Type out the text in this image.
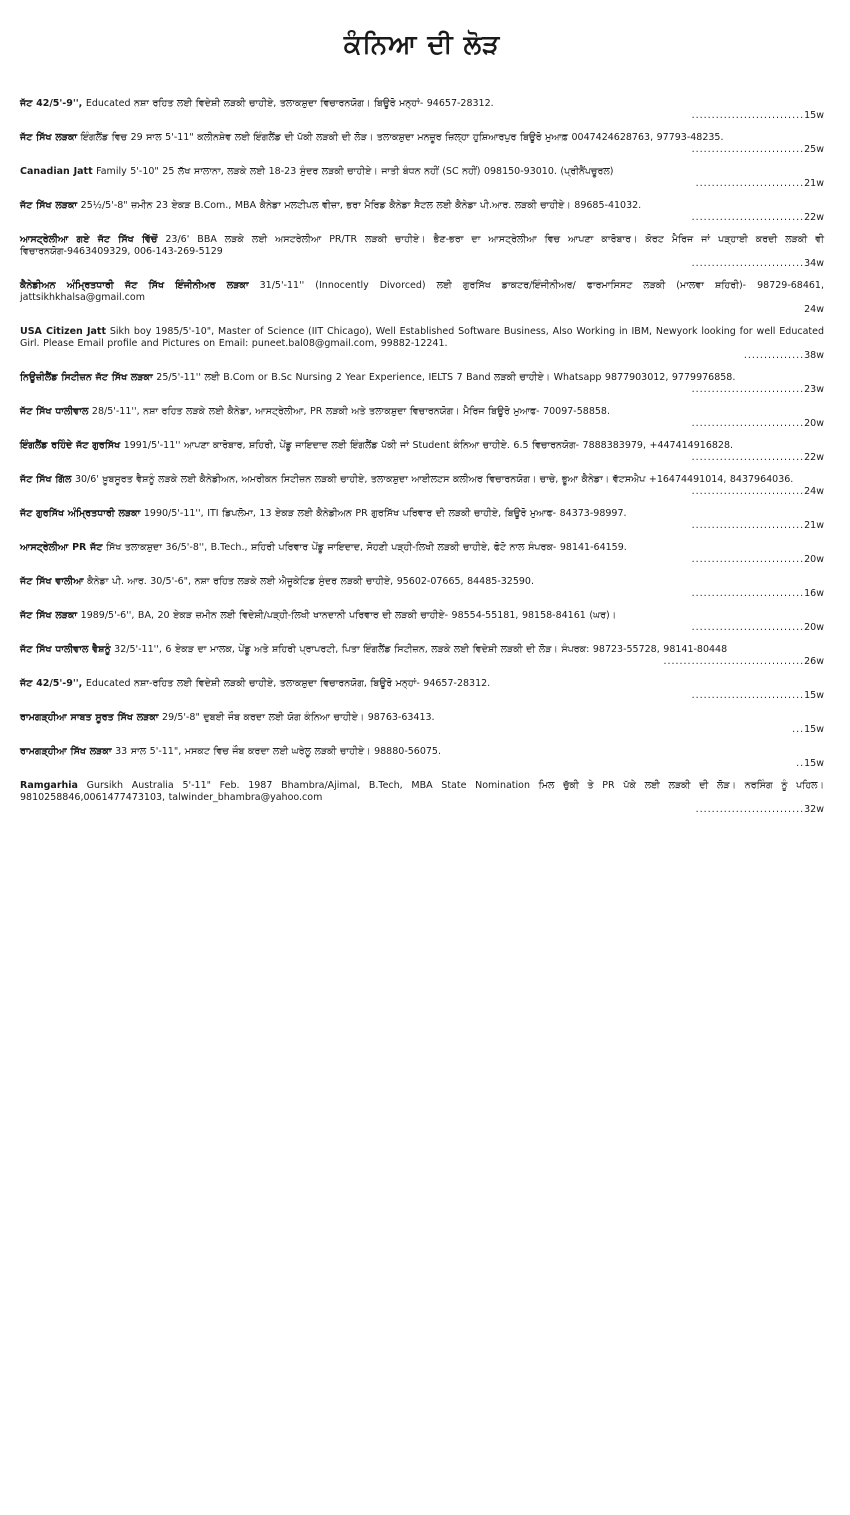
ਕੰਨਿਆ ਦੀ ਲੋੜ

ਜੱਟ 42/5'-9'', Educated ਨਸ਼ਾ ਰਹਿਤ ਲਈ ਵਿਦੇਸ਼ੀ ਲੜਕੀ ਚਾਹੀਏ, ਤਲਾਕਸ਼ੁਦਾ ਵਿਚਾਰਨਯੋਗ। ਬਿਊਰੋ ਮਨ੍ਹਾਂ- 94657-28312.
............................15w

ਜੱਟ ਸਿੱਖ ਲੜਕਾ ਇੰਗਲੈਂਡ ਵਿਚ 29 ਸਾਲ 5'-11" ਕਲੀਨਸ਼ੇਵ ਲਈ ਇੰਗਲੈਂਡ ਦੀ ਪੱਕੀ ਲੜਕੀ ਦੀ ਲੋੜ। ਤਲਾਕਸ਼ੁਦਾ ਮਨਜ਼ੂਰ ਜ਼ਿਲ੍ਹਾ ਹੁਸ਼ਿਆਰਪੁਰ ਬਿਊਰੋ ਮੁਆਫ਼ 0047424628763, 97793-48235.
............................25w

Canadian Jatt Family 5'-10" 25 ਲੱਖ ਸਾਲਾਨਾ, ਲੜਕੇ ਲਈ 18-23 ਸੁੰਦਰ ਲੜਕੀ ਚਾਹੀਏ। ਜਾਤੀ ਬੰਧਨ ਨਹੀਂ (SC ਨਹੀਂ) 098150-93010. (ਪ੍ਰੀਨੈਂਪਚੂਰਲ)
...........................21w

ਜੱਟ ਸਿੱਖ ਲੜਕਾ 25½/5'-8" ਜ਼ਮੀਨ 23 ਏਕੜ B.Com., MBA ਕੈਨੇਡਾ ਮਲਟੀਪਲ ਵੀਜ਼ਾ, ਭਰਾ ਮੈਰਿਡ ਕੈਨੇਡਾ ਸੈਟਲ ਲਈ ਕੈਨੇਡਾ ਪੀ.ਆਰ. ਲੜਕੀ ਚਾਹੀਏ। 89685-41032.
............................22w

ਆਸਟ੍ਰੇਲੀਆ ਗਏ ਜੱਟ ਸਿੱਖ ਵਿੱਚੋਂ 23/6' BBA ਲੜਕੇ ਲਈ ਅਸਟਰੇਲੀਆ PR/TR ਲੜਕੀ ਚਾਹੀਏ। ਭੈਣ-ਭਰਾ ਦਾ ਆਸਟ੍ਰੇਲੀਆ ਵਿਚ ਆਪਣਾ ਕਾਰੋਬਾਰ। ਕੋਰਟ ਮੈਰਿਜ ਜਾਂ ਪੜ੍ਹਾਈ ਕਰਦੀ ਲੜਕੀ ਵੀ ਵਿਚਾਰਨਯੋਗ-9463409329, 006-143-269-5129
............................34w

ਕੈਨੇਡੀਅਨ ਅੰਮ੍ਰਿਤਧਾਰੀ ਜੱਟ ਸਿੱਖ ਇੰਜੀਨੀਅਰ ਲੜਕਾ 31/5'-11'' (Innocently Divorced) ਲਈ ਗੁਰਸਿੱਖ ਡਾਕਟਰ/ਇੰਜੀਨੀਅਰ/ ਫਾਰਮਾਸਿਸਟ ਲੜਕੀ (ਮਾਲਵਾ ਸ਼ਹਿਰੀ)- 98729-68461, jattsikhkhalsa@gmail.com
24w

USA Citizen Jatt Sikh boy 1985/5'-10", Master of Science (IIT Chicago), Well Established Software Business, Also Working in IBM, Newyork looking for well Educated Girl. Please Email profile and Pictures on Email: puneet.bal08@gmail.com, 99882-12241.
...............38w

ਨਿਊਜ਼ੀਲੈਂਡ ਸਿਟੀਜ਼ਨ ਜੱਟ ਸਿੱਖ ਲੜਕਾ 25/5'-11'' ਲਈ B.Com or B.Sc Nursing 2 Year Experience, IELTS 7 Band ਲੜਕੀ ਚਾਹੀਏ। Whatsapp 9877903012, 9779976858.
............................23w

ਜੱਟ ਸਿੱਖ ਧਾਲੀਵਾਲ 28/5'-11'', ਨਸ਼ਾ ਰਹਿਤ ਲੜਕੇ ਲਈ ਕੈਨੇਡਾ, ਆਸਟ੍ਰੇਲੀਆ, PR ਲੜਕੀ ਅਤੇ ਤਲਾਕਸ਼ੁਦਾ ਵਿਚਾਰਨਯੋਗ। ਮੈਰਿਜ ਬਿਊਰੋ ਮੁਆਫ- 70097-58858.
............................20w

ਇੰਗਲੈਂਡ ਰਹਿੰਦੇ ਜੱਟ ਗੁਰਸਿੱਖ 1991/5'-11'' ਆਪਣਾ ਕਾਰੋਬਾਰ, ਸ਼ਹਿਰੀ, ਪੇਂਡੂ ਜਾਇਦਾਦ ਲਈ ਇੰਗਲੈਂਡ ਪੱਕੀ ਜਾਂ Student ਕੰਨਿਆ ਚਾਹੀਏ. 6.5 ਵਿਚਾਰਨਯੋਗ- 7888383979, +447414916828.
............................22w

ਜੱਟ ਸਿੱਖ ਗਿੱਲ 30/6' ਖ਼ੂਬਸੂਰਤ ਵੈਸ਼ਨੂੰ ਲੜਕੇ ਲਈ ਕੈਨੇਡੀਅਨ, ਅਮਰੀਕਨ ਸਿਟੀਜ਼ਨ ਲੜਕੀ ਚਾਹੀਏ, ਤਲਾਕਸ਼ੁਦਾ ਆਈਲਟਸ ਕਲੀਅਰ ਵਿਚਾਰਨਯੋਗ। ਚਾਚੇ, ਭੂਆ ਕੈਨੇਡਾ। ਵੱਟਸਐਪ +16474491014, 8437964036.
............................24w

ਜੱਟ ਗੁਰਸਿੱਖ ਅੰਮ੍ਰਿਤਧਾਰੀ ਲੜਕਾ 1990/5'-11'', ITI ਡਿਪਲੋਮਾ, 13 ਏਕੜ ਲਈ ਕੈਨੇਡੀਅਨ PR ਗੁਰਸਿੱਖ ਪਰਿਵਾਰ ਦੀ ਲੜਕੀ ਚਾਹੀਏ, ਬਿਊਰੋ ਮੁਆਫ- 84373-98997.
............................21w

ਆਸਟ੍ਰੇਲੀਆ PR ਜੱਟ ਸਿੱਖ ਤਲਾਕਸ਼ੁਦਾ 36/5'-8'', B.Tech., ਸ਼ਹਿਰੀ ਪਰਿਵਾਰ ਪੇਂਡੂ ਜਾਇਦਾਦ, ਸੋਹਣੀ ਪੜ੍ਹੀ-ਲਿਖੀ ਲੜਕੀ ਚਾਹੀਏ, ਫੋਟੋ ਨਾਲ ਸੰਪਰਕ- 98141-64159.
............................20w

ਜੱਟ ਸਿੱਖ ਵਾਲੀਆ ਕੈਨੇਡਾ ਪੀ. ਆਰ. 30/5'-6", ਨਸ਼ਾ ਰਹਿਤ ਲੜਕੇ ਲਈ ਐਜੂਕੇਟਿਡ ਸੁੰਦਰ ਲੜਕੀ ਚਾਹੀਏ, 95602-07665, 84485-32590.
............................16w

ਜੱਟ ਸਿੱਖ ਲੜਕਾ 1989/5'-6'', BA, 20 ਏਕੜ ਜ਼ਮੀਨ ਲਈ ਵਿਦੇਸ਼ੀ/ਪੜ੍ਹੀ-ਲਿਖੀ ਖਾਨਦਾਨੀ ਪਰਿਵਾਰ ਦੀ ਲੜਕੀ ਚਾਹੀਏ- 98554-55181, 98158-84161 (ਘਰ)।
............................20w

ਜੱਟ ਸਿੱਖ ਧਾਲੀਵਾਲ ਵੈਸ਼ਨੂੰ 32/5'-11'', 6 ਏਕੜ ਦਾ ਮਾਲਕ, ਪੇਂਡੂ ਅਤੇ ਸ਼ਹਿਰੀ ਪ੍ਰਾਪਰਟੀ, ਪਿਤਾ ਇੰਗਲੈਂਡ ਸਿਟੀਜ਼ਨ, ਲੜਕੇ ਲਈ ਵਿਦੇਸ਼ੀ ਲੜਕੀ ਦੀ ਲੋੜ। ਸੰਪਰਕ: 98723-55728, 98141-80448
...................................26w

ਜੱਟ 42/5'-9'', Educated ਨਸ਼ਾ-ਰਹਿਤ ਲਈ ਵਿਦੇਸ਼ੀ ਲੜਕੀ ਚਾਹੀਏ, ਤਲਾਕਸ਼ੁਦਾ ਵਿਚਾਰਨਯੋਗ, ਬਿਊਰੋ ਮਨ੍ਹਾਂ- 94657-28312.
............................15w

ਰਾਮਗੜ੍ਹੀਆ ਸਾਬਤ ਸੂਰਤ ਸਿੱਖ ਲੜਕਾ 29/5'-8" ਦੁਬਈ ਜੌਬ ਕਰਦਾ ਲਈ ਯੋਗ ਕੰਨਿਆ ਚਾਹੀਏ। 98763-63413.
...15w

ਰਾਮਗੜ੍ਹੀਆ ਸਿੱਖ ਲੜਕਾ 33 ਸਾਲ 5'-11", ਮਸਕਟ ਵਿਚ ਜੌਬ ਕਰਦਾ ਲਈ ਘਰੇਲੂ ਲੜਕੀ ਚਾਹੀਏ। 98880-56075.
..15w

Ramgarhia Gursikh Australia 5'-11" Feb. 1987 Bhambra/Ajimal, B.Tech, MBA State Nomination ਮਿਲ ਚੁੱਕੀ ਤੇ PR ਪੱਕੇ ਲਈ ਲੜਕੀ ਦੀ ਲੋੜ। ਨਰਸਿੰਗ ਨੂੰ ਪਹਿਲ। 9810258846,0061477473103, talwinder_bhambra@yahoo.com
...........................32w
